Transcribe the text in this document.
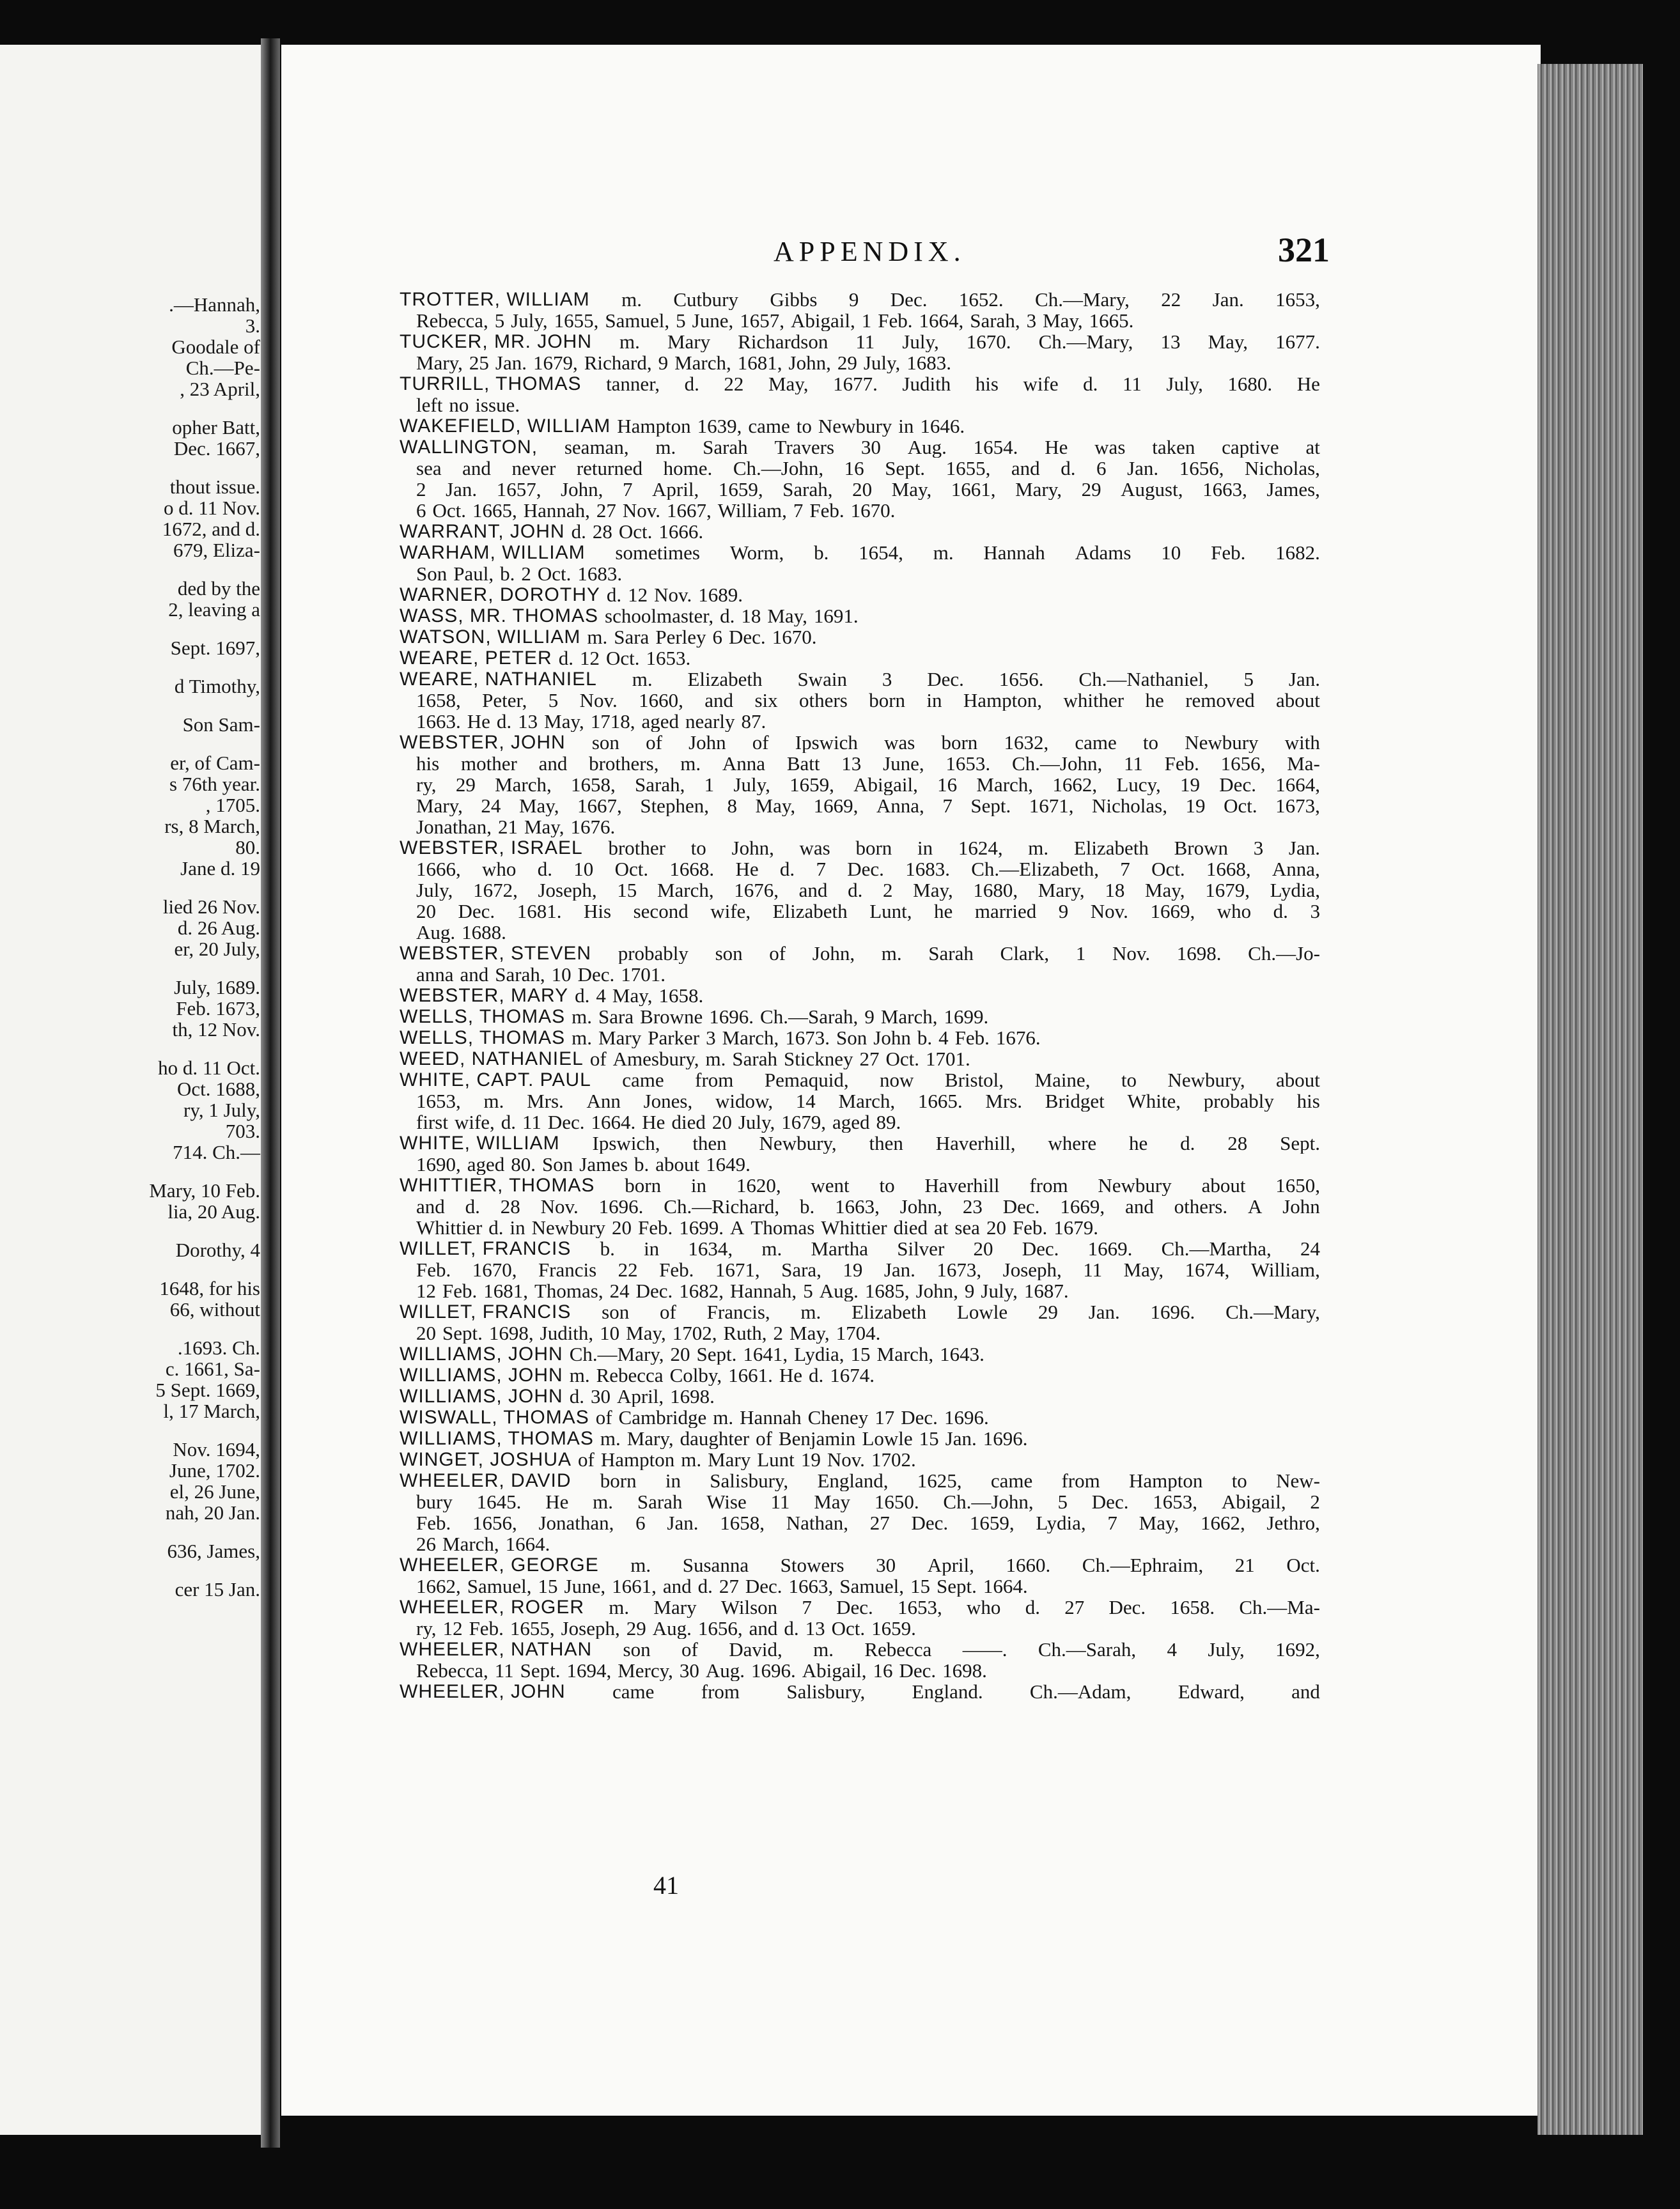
.—Hannah,
3.
Goodale of
Ch.—Pe-
, 23 April,
opher Batt,
Dec. 1667,
thout issue.
o d. 11 Nov.
1672, and d.
679, Eliza-
ded by the
2, leaving a
Sept. 1697,
d Timothy,
Son Sam-
er, of Cam-
s 76th year.
, 1705.
rs, 8 March,
80.
Jane d. 19
lied 26 Nov.
d. 26 Aug.
er, 20 July,
July, 1689.
Feb. 1673,
th, 12 Nov.
ho d. 11 Oct.
Oct. 1688,
ry, 1 July,
703.
714. Ch.—
Mary, 10 Feb.
lia, 20 Aug.
Dorothy, 4
1648, for his
66, without
.1693. Ch.
c. 1661, Sa-
5 Sept. 1669,
l, 17 March,
Nov. 1694,
June, 1702.
el, 26 June,
nah, 20 Jan.
636, James,
cer 15 Jan.
APPENDIX.	321
TROTTER, WILLIAM m. Cutbury Gibbs 9 Dec. 1652. Ch.—Mary, 22 Jan. 1653,
Rebecca, 5 July, 1655, Samuel, 5 June, 1657, Abigail, 1 Feb. 1664, Sarah, 3 May, 1665.
TUCKER, MR. JOHN m. Mary Richardson 11 July, 1670. Ch.—Mary, 13 May, 1677.
Mary, 25 Jan. 1679, Richard, 9 March, 1681, John, 29 July, 1683.
TURRILL, THOMAS tanner, d. 22 May, 1677. Judith his wife d. 11 July, 1680. He
left no issue.
WAKEFIELD, WILLIAM Hampton 1639, came to Newbury in 1646.
WALLINGTON, seaman, m. Sarah Travers 30 Aug. 1654. He was taken captive at
sea and never returned home. Ch.—John, 16 Sept. 1655, and d. 6 Jan. 1656, Nicholas,
2 Jan. 1657, John, 7 April, 1659, Sarah, 20 May, 1661, Mary, 29 August, 1663, James,
6 Oct. 1665, Hannah, 27 Nov. 1667, William, 7 Feb. 1670.
WARRANT, JOHN d. 28 Oct. 1666.
WARHAM, WILLIAM sometimes Worm, b. 1654, m. Hannah Adams 10 Feb. 1682.
Son Paul, b. 2 Oct. 1683.
WARNER, DOROTHY d. 12 Nov. 1689.
WASS, MR. THOMAS schoolmaster, d. 18 May, 1691.
WATSON, WILLIAM m. Sara Perley 6 Dec. 1670.
WEARE, PETER d. 12 Oct. 1653.
WEARE, NATHANIEL m. Elizabeth Swain 3 Dec. 1656. Ch.—Nathaniel, 5 Jan.
1658, Peter, 5 Nov. 1660, and six others born in Hampton, whither he removed about
1663. He d. 13 May, 1718, aged nearly 87.
WEBSTER, JOHN son of John of Ipswich was born 1632, came to Newbury with
his mother and brothers, m. Anna Batt 13 June, 1653. Ch.—John, 11 Feb. 1656, Ma-
ry, 29 March, 1658, Sarah, 1 July, 1659, Abigail, 16 March, 1662, Lucy, 19 Dec. 1664,
Mary, 24 May, 1667, Stephen, 8 May, 1669, Anna, 7 Sept. 1671, Nicholas, 19 Oct. 1673,
Jonathan, 21 May, 1676.
WEBSTER, ISRAEL brother to John, was born in 1624, m. Elizabeth Brown 3 Jan.
1666, who d. 10 Oct. 1668. He d. 7 Dec. 1683. Ch.—Elizabeth, 7 Oct. 1668, Anna,
July, 1672, Joseph, 15 March, 1676, and d. 2 May, 1680, Mary, 18 May, 1679, Lydia,
20 Dec. 1681. His second wife, Elizabeth Lunt, he married 9 Nov. 1669, who d. 3
Aug. 1688.
WEBSTER, STEVEN probably son of John, m. Sarah Clark, 1 Nov. 1698. Ch.—Jo-
anna and Sarah, 10 Dec. 1701.
WEBSTER, MARY d. 4 May, 1658.
WELLS, THOMAS m. Sara Browne 1696. Ch.—Sarah, 9 March, 1699.
WELLS, THOMAS m. Mary Parker 3 March, 1673. Son John b. 4 Feb. 1676.
WEED, NATHANIEL of Amesbury, m. Sarah Stickney 27 Oct. 1701.
WHITE, CAPT. PAUL came from Pemaquid, now Bristol, Maine, to Newbury, about
1653, m. Mrs. Ann Jones, widow, 14 March, 1665. Mrs. Bridget White, probably his
first wife, d. 11 Dec. 1664. He died 20 July, 1679, aged 89.
WHITE, WILLIAM Ipswich, then Newbury, then Haverhill, where he d. 28 Sept.
1690, aged 80. Son James b. about 1649.
WHITTIER, THOMAS born in 1620, went to Haverhill from Newbury about 1650,
and d. 28 Nov. 1696. Ch.—Richard, b. 1663, John, 23 Dec. 1669, and others. A John
Whittier d. in Newbury 20 Feb. 1699. A Thomas Whittier died at sea 20 Feb. 1679.
WILLET, FRANCIS b. in 1634, m. Martha Silver 20 Dec. 1669. Ch.—Martha, 24
Feb. 1670, Francis 22 Feb. 1671, Sara, 19 Jan. 1673, Joseph, 11 May, 1674, William,
12 Feb. 1681, Thomas, 24 Dec. 1682, Hannah, 5 Aug. 1685, John, 9 July, 1687.
WILLET, FRANCIS son of Francis, m. Elizabeth Lowle 29 Jan. 1696. Ch.—Mary,
20 Sept. 1698, Judith, 10 May, 1702, Ruth, 2 May, 1704.
WILLIAMS, JOHN Ch.—Mary, 20 Sept. 1641, Lydia, 15 March, 1643.
WILLIAMS, JOHN m. Rebecca Colby, 1661. He d. 1674.
WILLIAMS, JOHN d. 30 April, 1698.
WISWALL, THOMAS of Cambridge m. Hannah Cheney 17 Dec. 1696.
WILLIAMS, THOMAS m. Mary, daughter of Benjamin Lowle 15 Jan. 1696.
WINGET, JOSHUA of Hampton m. Mary Lunt 19 Nov. 1702.
WHEELER, DAVID born in Salisbury, England, 1625, came from Hampton to New-
bury 1645. He m. Sarah Wise 11 May 1650. Ch.—John, 5 Dec. 1653, Abigail, 2
Feb. 1656, Jonathan, 6 Jan. 1658, Nathan, 27 Dec. 1659, Lydia, 7 May, 1662, Jethro,
26 March, 1664.
WHEELER, GEORGE m. Susanna Stowers 30 April, 1660. Ch.—Ephraim, 21 Oct.
1662, Samuel, 15 June, 1661, and d. 27 Dec. 1663, Samuel, 15 Sept. 1664.
WHEELER, ROGER m. Mary Wilson 7 Dec. 1653, who d. 27 Dec. 1658. Ch.—Ma-
ry, 12 Feb. 1655, Joseph, 29 Aug. 1656, and d. 13 Oct. 1659.
WHEELER, NATHAN son of David, m. Rebecca ——. Ch.—Sarah, 4 July, 1692,
Rebecca, 11 Sept. 1694, Mercy, 30 Aug. 1696. Abigail, 16 Dec. 1698.
WHEELER, JOHN came from Salisbury, England. Ch.—Adam, Edward, and
41
